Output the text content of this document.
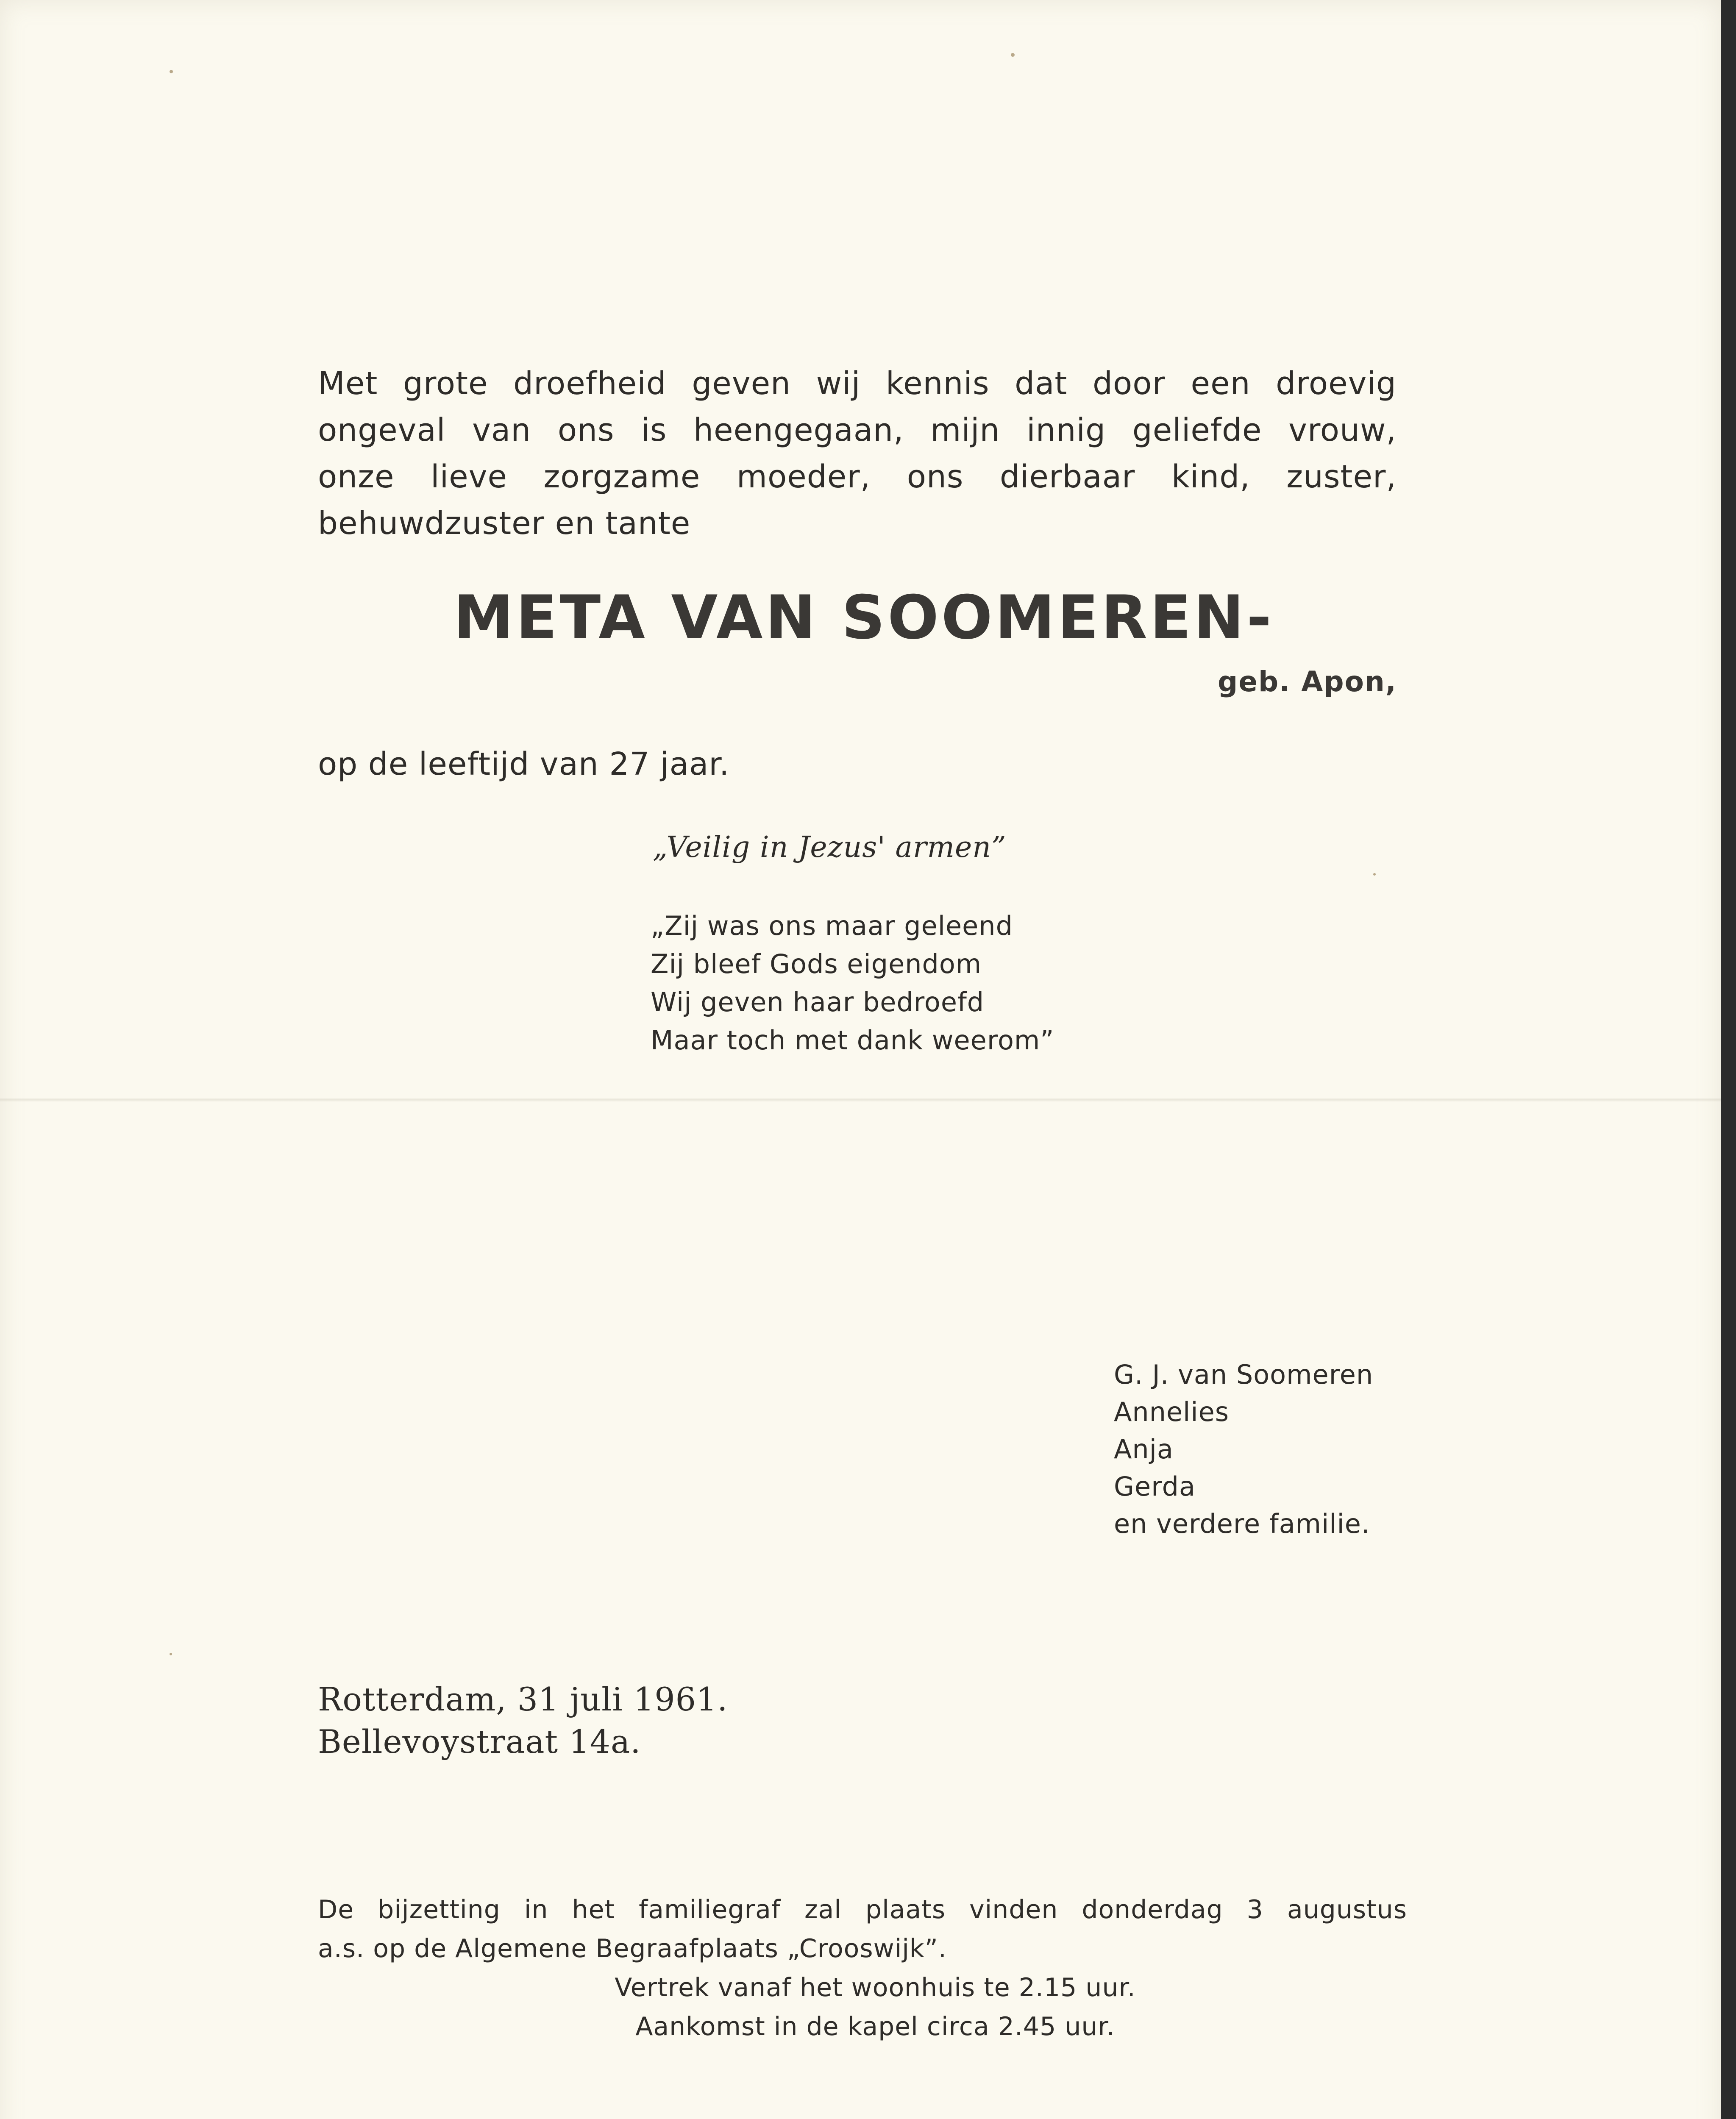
Met grote droefheid geven wij kennis dat door een droevig
ongeval van ons is heengegaan, mijn innig geliefde vrouw,
onze lieve zorgzame moeder, ons dierbaar kind, zuster,
behuwdzuster en tante
META VAN SOOMEREN-
geb. Apon,
op de leeftijd van 27 jaar.
„Veilig in Jezus' armen”
„Zij was ons maar geleend
Zij bleef Gods eigendom
Wij geven haar bedroefd
Maar toch met dank weerom”
G. J. van Soomeren
Annelies
Anja
Gerda
en verdere familie.
Rotterdam, 31 juli 1961.
Bellevoystraat 14a.
De bijzetting in het familiegraf zal plaats vinden donderdag 3 augustus
a.s. op de Algemene Begraafplaats „Crooswijk”.
Vertrek vanaf het woonhuis te 2.15 uur.
Aankomst in de kapel circa 2.45 uur.
